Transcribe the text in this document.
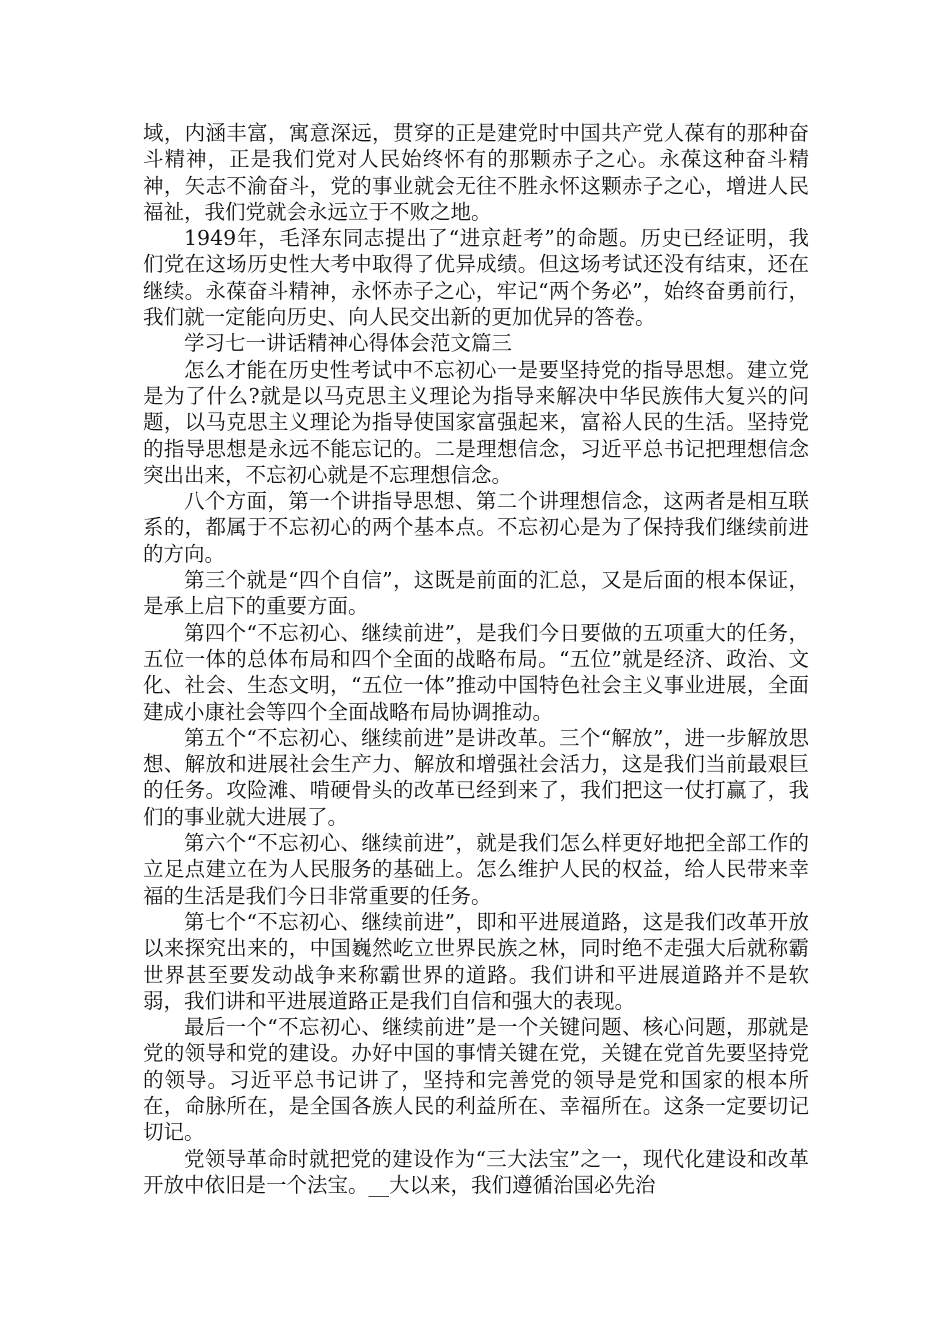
域，内涵丰富，寓意深远，贯穿的正是建党时中国共产党人葆有的那种奋斗精神，正是我们党对人民始终怀有的那颗赤子之心。永葆这种奋斗精神，矢志不渝奋斗，党的事业就会无往不胜永怀这颗赤子之心，增进人民福祉，我们党就会永远立于不败之地。

1949年，毛泽东同志提出了“进京赶考”的命题。历史已经证明，我们党在这场历史性大考中取得了优异成绩。但这场考试还没有结束，还在继续。永葆奋斗精神，永怀赤子之心，牢记“两个务必”，始终奋勇前行，我们就一定能向历史、向人民交出新的更加优异的答卷。

学习七一讲话精神心得体会范文篇三

怎么才能在历史性考试中不忘初心一是要坚持党的指导思想。建立党是为了什么?就是以马克思主义理论为指导来解决中华民族伟大复兴的问题，以马克思主义理论为指导使国家富强起来，富裕人民的生活。坚持党的指导思想是永远不能忘记的。二是理想信念，习近平总书记把理想信念突出出来，不忘初心就是不忘理想信念。

八个方面，第一个讲指导思想、第二个讲理想信念，这两者是相互联系的，都属于不忘初心的两个基本点。不忘初心是为了保持我们继续前进的方向。

第三个就是“四个自信”，这既是前面的汇总，又是后面的根本保证，是承上启下的重要方面。

第四个“不忘初心、继续前进”，是我们今日要做的五项重大的任务，五位一体的总体布局和四个全面的战略布局。“五位”就是经济、政治、文化、社会、生态文明，“五位一体”推动中国特色社会主义事业进展，全面建成小康社会等四个全面战略布局协调推动。

第五个“不忘初心、继续前进”是讲改革。三个“解放”，进一步解放思想、解放和进展社会生产力、解放和增强社会活力，这是我们当前最艰巨的任务。攻险滩、啃硬骨头的改革已经到来了，我们把这一仗打赢了，我们的事业就大进展了。

第六个“不忘初心、继续前进”，就是我们怎么样更好地把全部工作的立足点建立在为人民服务的基础上。怎么维护人民的权益，给人民带来幸福的生活是我们今日非常重要的任务。

第七个“不忘初心、继续前进”，即和平进展道路，这是我们改革开放以来探究出来的，中国巍然屹立世界民族之林，同时绝不走强大后就称霸世界甚至要发动战争来称霸世界的道路。我们讲和平进展道路并不是软弱，我们讲和平进展道路正是我们自信和强大的表现。

最后一个“不忘初心、继续前进”是一个关键问题、核心问题，那就是党的领导和党的建设。办好中国的事情关键在党，关键在党首先要坚持党的领导。习近平总书记讲了，坚持和完善党的领导是党和国家的根本所在，命脉所在，是全国各族人民的利益所在、幸福所在。这条一定要切记切记。

党领导革命时就把党的建设作为“三大法宝”之一，现代化建设和改革开放中依旧是一个法宝。__大以来，我们遵循治国必先治
